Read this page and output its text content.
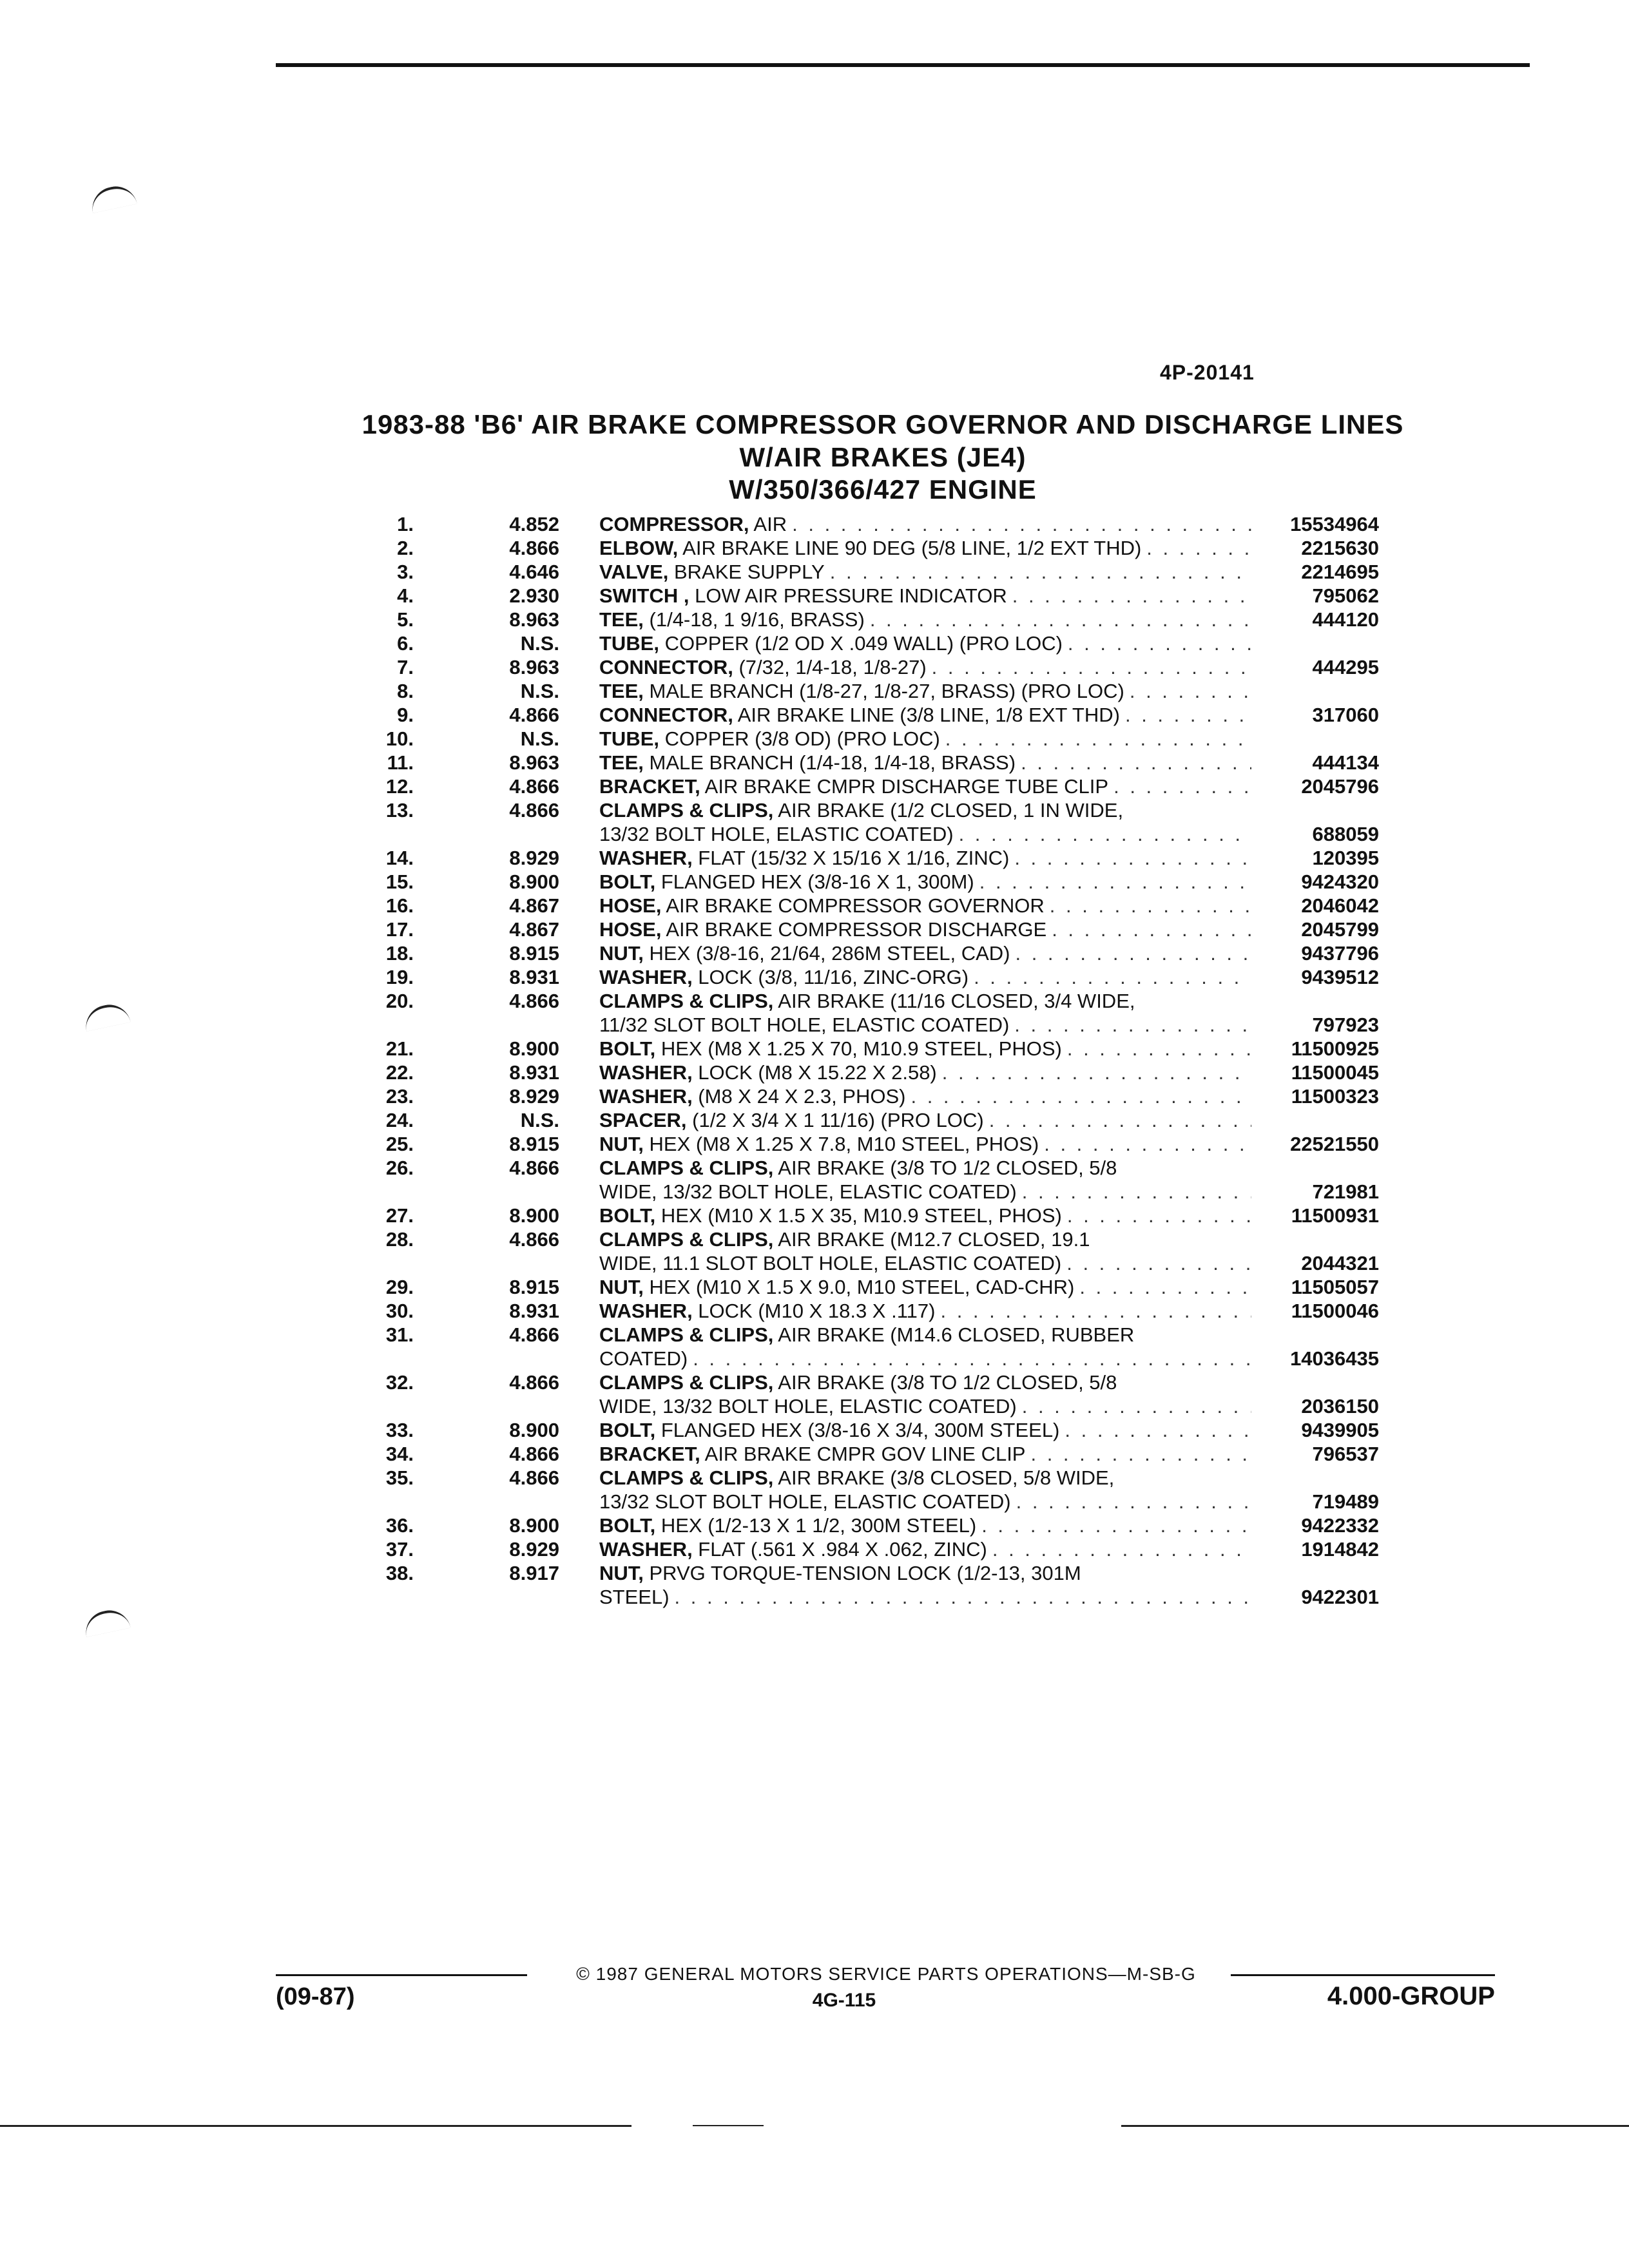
4P-20141
1983-88 'B6' AIR BRAKE COMPRESSOR GOVERNOR AND DISCHARGE LINES
W/AIR BRAKES (JE4)
W/350/366/427 ENGINE
1.	4.852 COMPRESSOR, AIR . . .	15534964
2.	4.866 ELBOW, AIR BRAKE LINE 90 DEG (5/8 LINE, 1/2 EXT THD) . . .	2215630
3.	4.646 VALVE, BRAKE SUPPLY . . .	2214695
4.	2.930 SWITCH , LOW AIR PRESSURE INDICATOR . . .	795062
5.	8.963 TEE, (1/4-18, 1 9/16, BRASS) . . .	444120
6.	N.S. TUBE, COPPER (1/2 OD X .049 WALL) (PRO LOC)
. . .
7.	8.963 CONNECTOR, (7/32, 1/4-18, 1/8-27) . . .	444295
8.	N.S. TEE, MALE BRANCH (1/8-27, 1/8-27, BRASS) (PRO LOC)
. . .
9.	4.866 CONNECTOR, AIR BRAKE LINE (3/8 LINE, 1/8 EXT THD) . . .	317060
10.	N.S. TUBE, COPPER (3/8 OD) (PRO LOC)
. . .
11.	8.963 TEE, MALE BRANCH (1/4-18, 1/4-18, BRASS) . . .	444134
12.	4.866 BRACKET, AIR BRAKE CMPR DISCHARGE TUBE CLIP . . .	2045796
13.	4.866 CLAMPS & CLIPS, AIR BRAKE (1/2 CLOSED, 1 IN WIDE,
13/32 BOLT HOLE, ELASTIC COATED) . . .	688059
14.	8.929 WASHER, FLAT (15/32 X 15/16 X 1/16, ZINC) . . .	120395
15.	8.900 BOLT, FLANGED HEX (3/8-16 X 1, 300M) . . .	9424320
16.	4.867 HOSE, AIR BRAKE COMPRESSOR GOVERNOR . . .	2046042
17.	4.867 HOSE, AIR BRAKE COMPRESSOR DISCHARGE . . .	2045799
18.	8.915 NUT, HEX (3/8-16, 21/64, 286M STEEL, CAD) . . .	9437796
19.	8.931 WASHER, LOCK (3/8, 11/16, ZINC-ORG) . . .	9439512
20.	4.866 CLAMPS & CLIPS, AIR BRAKE (11/16 CLOSED, 3/4 WIDE,
11/32 SLOT BOLT HOLE, ELASTIC COATED) . . .	797923
21.	8.900 BOLT, HEX (M8 X 1.25 X 70, M10.9 STEEL, PHOS) . . .	11500925
22.	8.931 WASHER, LOCK (M8 X 15.22 X 2.58) . . .	11500045
23.	8.929 WASHER, (M8 X 24 X 2.3, PHOS) . . .	11500323
24.	N.S. SPACER, (1/2 X 3/4 X 1 11/16) (PRO LOC)
. . .
25.	8.915 NUT, HEX (M8 X 1.25 X 7.8, M10 STEEL, PHOS) . . .	22521550
26.	4.866 CLAMPS & CLIPS, AIR BRAKE (3/8 TO 1/2 CLOSED, 5/8
WIDE, 13/32 BOLT HOLE, ELASTIC COATED) . . .	721981
27.	8.900 BOLT, HEX (M10 X 1.5 X 35, M10.9 STEEL, PHOS) . . .	11500931
28.	4.866 CLAMPS & CLIPS, AIR BRAKE (M12.7 CLOSED, 19.1
WIDE, 11.1 SLOT BOLT HOLE, ELASTIC COATED) . . .	2044321
29.	8.915 NUT, HEX (M10 X 1.5 X 9.0, M10 STEEL, CAD-CHR) . . .	11505057
30.	8.931 WASHER, LOCK (M10 X 18.3 X .117) . . .	11500046
31.	4.866 CLAMPS & CLIPS, AIR BRAKE (M14.6 CLOSED, RUBBER
COATED) . . .	14036435
32.	4.866 CLAMPS & CLIPS, AIR BRAKE (3/8 TO 1/2 CLOSED, 5/8
WIDE, 13/32 BOLT HOLE, ELASTIC COATED) . . .	2036150
33.	8.900 BOLT, FLANGED HEX (3/8-16 X 3/4, 300M STEEL) . . .	9439905
34.	4.866 BRACKET, AIR BRAKE CMPR GOV LINE CLIP . . .	796537
35.	4.866 CLAMPS & CLIPS, AIR BRAKE (3/8 CLOSED, 5/8 WIDE,
13/32 SLOT BOLT HOLE, ELASTIC COATED) . . .	719489
36.	8.900 BOLT, HEX (1/2-13 X 1 1/2, 300M STEEL) . . .	9422332
37.	8.929 WASHER, FLAT (.561 X .984 X .062, ZINC) . . .	1914842
38.	8.917 NUT, PRVG TORQUE-TENSION LOCK (1/2-13, 301M
STEEL) . . .	9422301
© 1987 GENERAL MOTORS SERVICE PARTS OPERATIONS—M-SB-G
(09-87)	4G-115	4.000-GROUP
